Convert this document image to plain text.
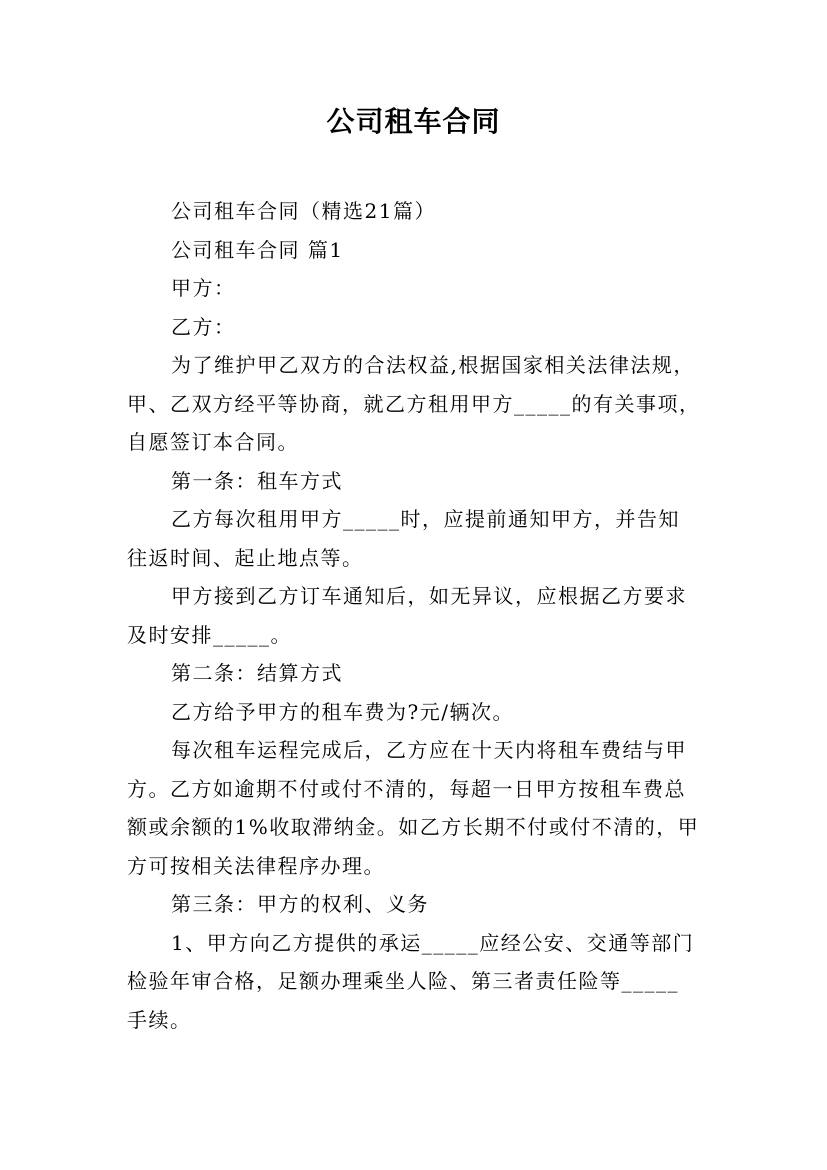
公司租车合同
公司租车合同（精选21篇）
公司租车合同 篇1
甲方：
乙方：
为了维护甲乙双方的合法权益,根据国家相关法律法规，
甲、乙双方经平等协商，就乙方租用甲方_____的有关事项，
自愿签订本合同。
第一条：租车方式
乙方每次租用甲方_____时，应提前通知甲方，并告知
往返时间、起止地点等。
甲方接到乙方订车通知后，如无异议，应根据乙方要求
及时安排_____。
第二条：结算方式
乙方给予甲方的租车费为?元/辆次。
每次租车运程完成后，乙方应在十天内将租车费结与甲
方。乙方如逾期不付或付不清的，每超一日甲方按租车费总
额或余额的1%收取滞纳金。如乙方长期不付或付不清的，甲
方可按相关法律程序办理。
第三条：甲方的权利、义务
1、甲方向乙方提供的承运_____应经公安、交通等部门
检验年审合格，足额办理乘坐人险、第三者责任险等_____
手续。
